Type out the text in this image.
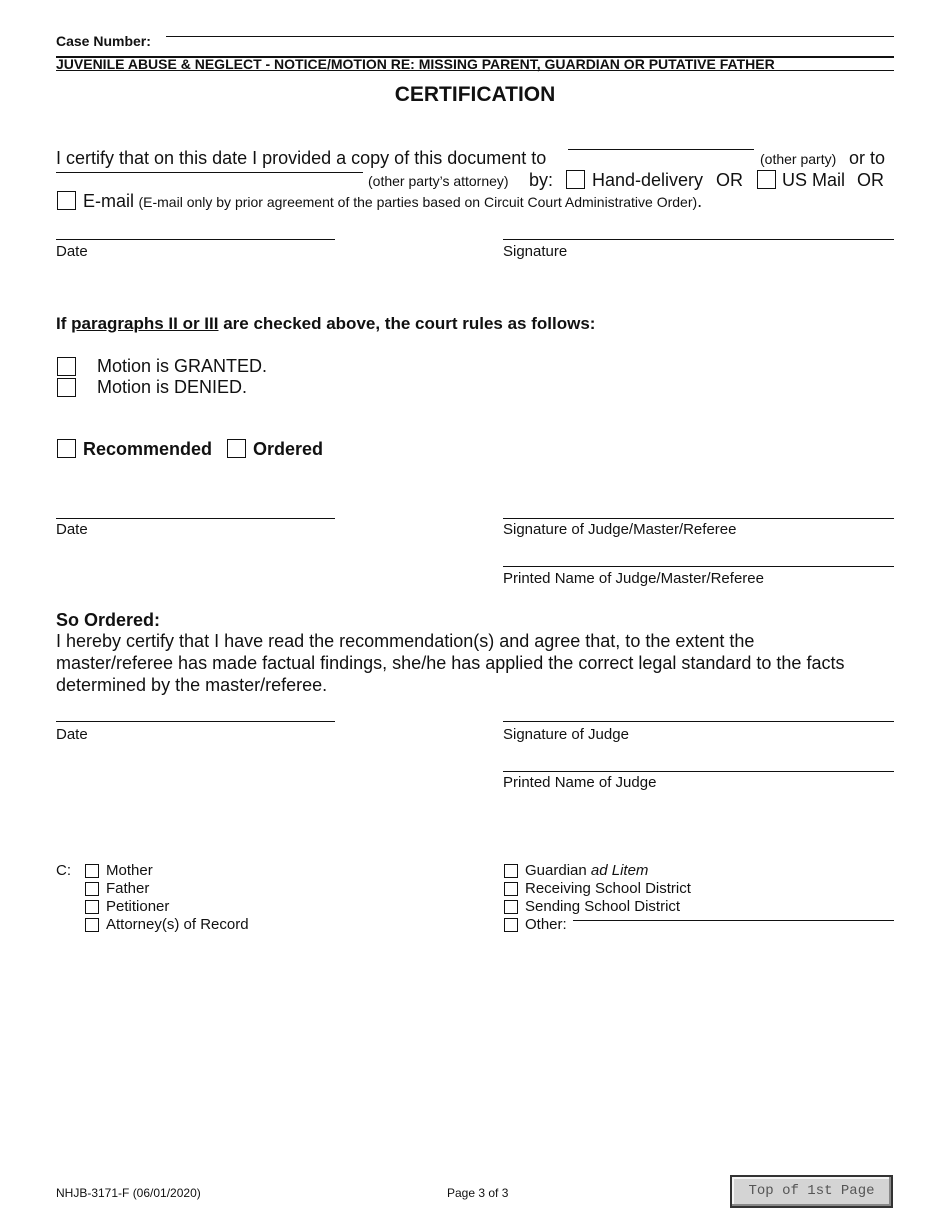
Case Number:
JUVENILE ABUSE & NEGLECT - NOTICE/MOTION RE: MISSING PARENT, GUARDIAN OR PUTATIVE FATHER
CERTIFICATION
I certify that on this date I provided a copy of this document to	(other party) or to
(other party’s attorney) by: Hand-delivery OR US Mail OR
E-mail (E-mail only by prior agreement of the parties based on Circuit Court Administrative Order).
Date	Signature
If paragraphs II or III are checked above, the court rules as follows:
Motion is GRANTED.
Motion is DENIED.
Recommended Ordered
Date	Signature of Judge/Master/Referee
Printed Name of Judge/Master/Referee
So Ordered:
I hereby certify that I have read the recommendation(s) and agree that, to the extent the
master/referee has made factual findings, she/he has applied the correct legal standard to the facts
determined by the master/referee.
Date	Signature of Judge
Printed Name of Judge
C: Mother
Father
Petitioner
Attorney(s) of Record
Guardian ad Litem
Receiving School District
Sending School District
Other:
NHJB-3171-F (06/01/2020)	Page 3 of 3	Top of 1st Page
